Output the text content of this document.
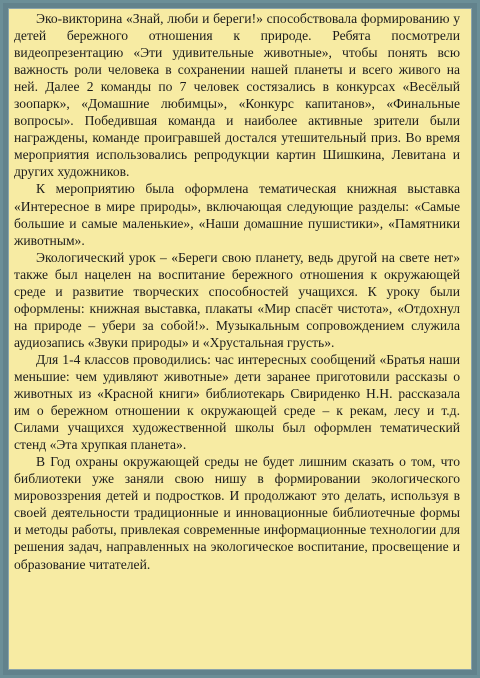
Эко-викторина «Знай, люби и береги!» способствовала формированию у детей бережного отношения к природе. Ребята посмотрели видеопрезентацию «Эти удивительные животные», чтобы понять всю важность роли человека в сохранении нашей планеты и всего живого на ней. Далее 2 команды по 7 человек состязались в конкурсах «Весёлый зоопарк», «Домашние любимцы», «Конкурс капитанов», «Финальные вопросы». Победившая команда и наиболее активные зрители были награждены, команде проигравшей достался утешительный приз. Во время мероприятия использовались репродукции картин Шишкина, Левитана и других художников.

К мероприятию была оформлена тематическая книжная выставка «Интересное в мире природы», включающая следующие разделы: «Самые большие и самые маленькие», «Наши домашние пушистики», «Памятники животным».

Экологический урок – «Береги свою планету, ведь другой на свете нет» также был нацелен на воспитание бережного отношения к окружающей среде и развитие творческих способностей учащихся. К уроку были оформлены: книжная выставка, плакаты «Мир спасёт чистота», «Отдохнул на природе – убери за собой!». Музыкальным сопровождением служила аудиозапись «Звуки природы» и «Хрустальная грусть».

Для 1-4 классов проводились: час интересных сообщений «Братья наши меньшие: чем удивляют животные» дети заранее приготовили рассказы о животных из «Красной книги» библиотекарь Свириденко Н.Н. рассказала им о бережном отношении к окружающей среде – к рекам, лесу и т.д. Силами учащихся художественной школы был оформлен тематический стенд «Эта хрупкая планета».

В Год охраны окружающей среды не будет лишним сказать о том, что библиотеки уже заняли свою нишу в формировании экологического мировоззрения детей и подростков. И продолжают это делать, используя в своей деятельности традиционные и инновационные библиотечные формы и методы работы, привлекая современные информационные технологии для решения задач, направленных на экологическое воспитание, просвещение и образование читателей.
